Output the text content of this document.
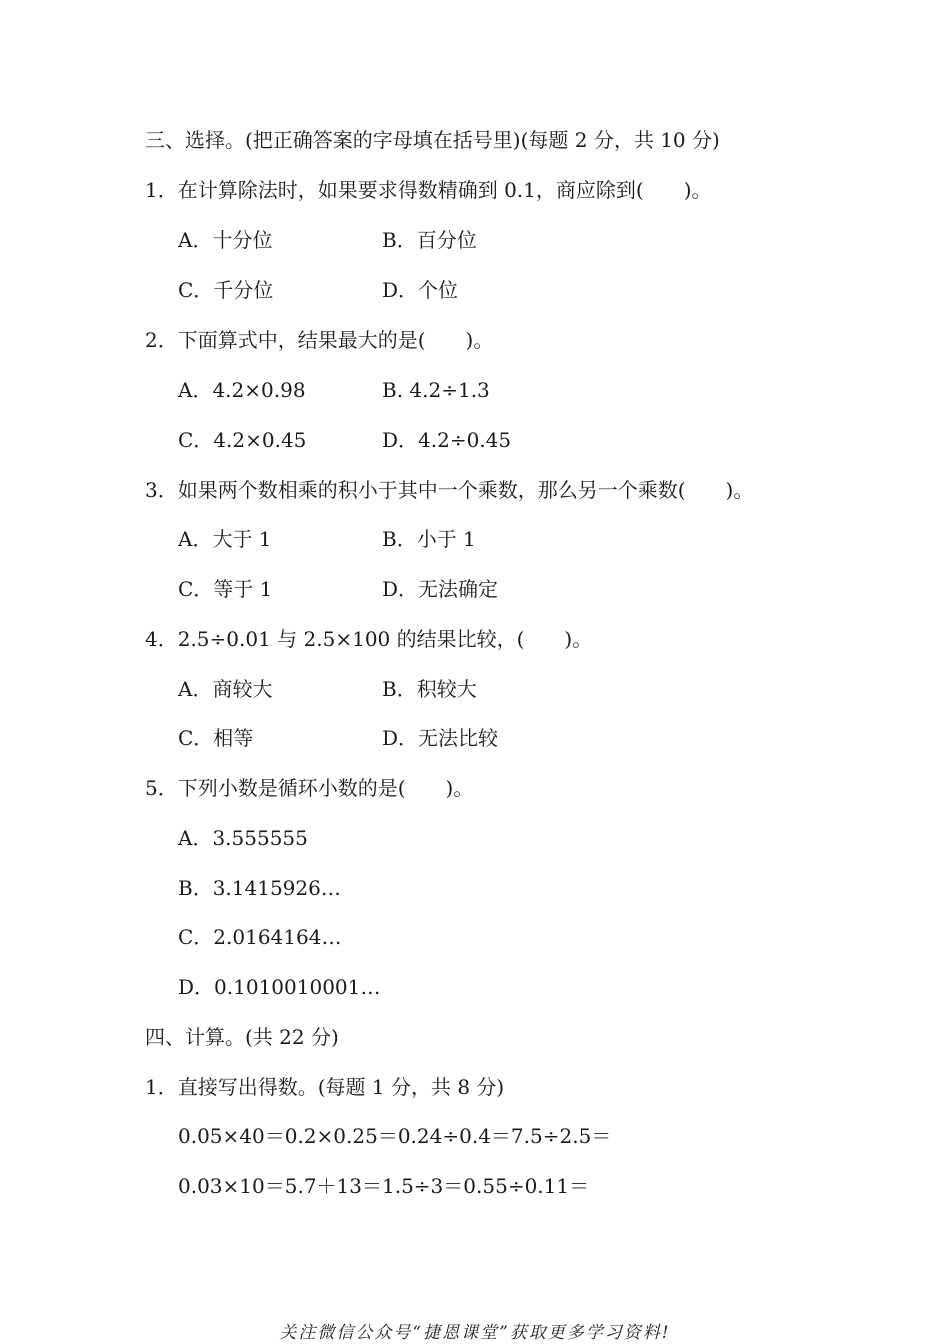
三、选择。(把正确答案的字母填在括号里)(每题 2 分，共 10 分)
1．在计算除法时，如果要求得数精确到 0.1，商应除到(　　)。
A．十分位	B．百分位
C．千分位	D．个位
2．下面算式中，结果最大的是(　　)。
A．4.2×0.98	B. 4.2÷1.3
C．4.2×0.45	D．4.2÷0.45
3．如果两个数相乘的积小于其中一个乘数，那么另一个乘数(　　)。
A．大于 1	B．小于 1
C．等于 1	D．无法确定
4．2.5÷0.01 与 2.5×100 的结果比较，(　　)。
A．商较大	B．积较大
C．相等	D．无法比较
5．下列小数是循环小数的是(　　)。
A．3.555555
B．3.1415926…
C．2.0164164…
D．0.1010010001…
四、计算。(共 22 分)
1．直接写出得数。(每题 1 分，共 8 分)
0.05×40＝0.2×0.25＝0.24÷0.4＝7.5÷2.5＝
0.03×10＝5.7＋13＝1.5÷3＝0.55÷0.11＝
关注微信公众号“捷恩课堂”获取更多学习资料!
